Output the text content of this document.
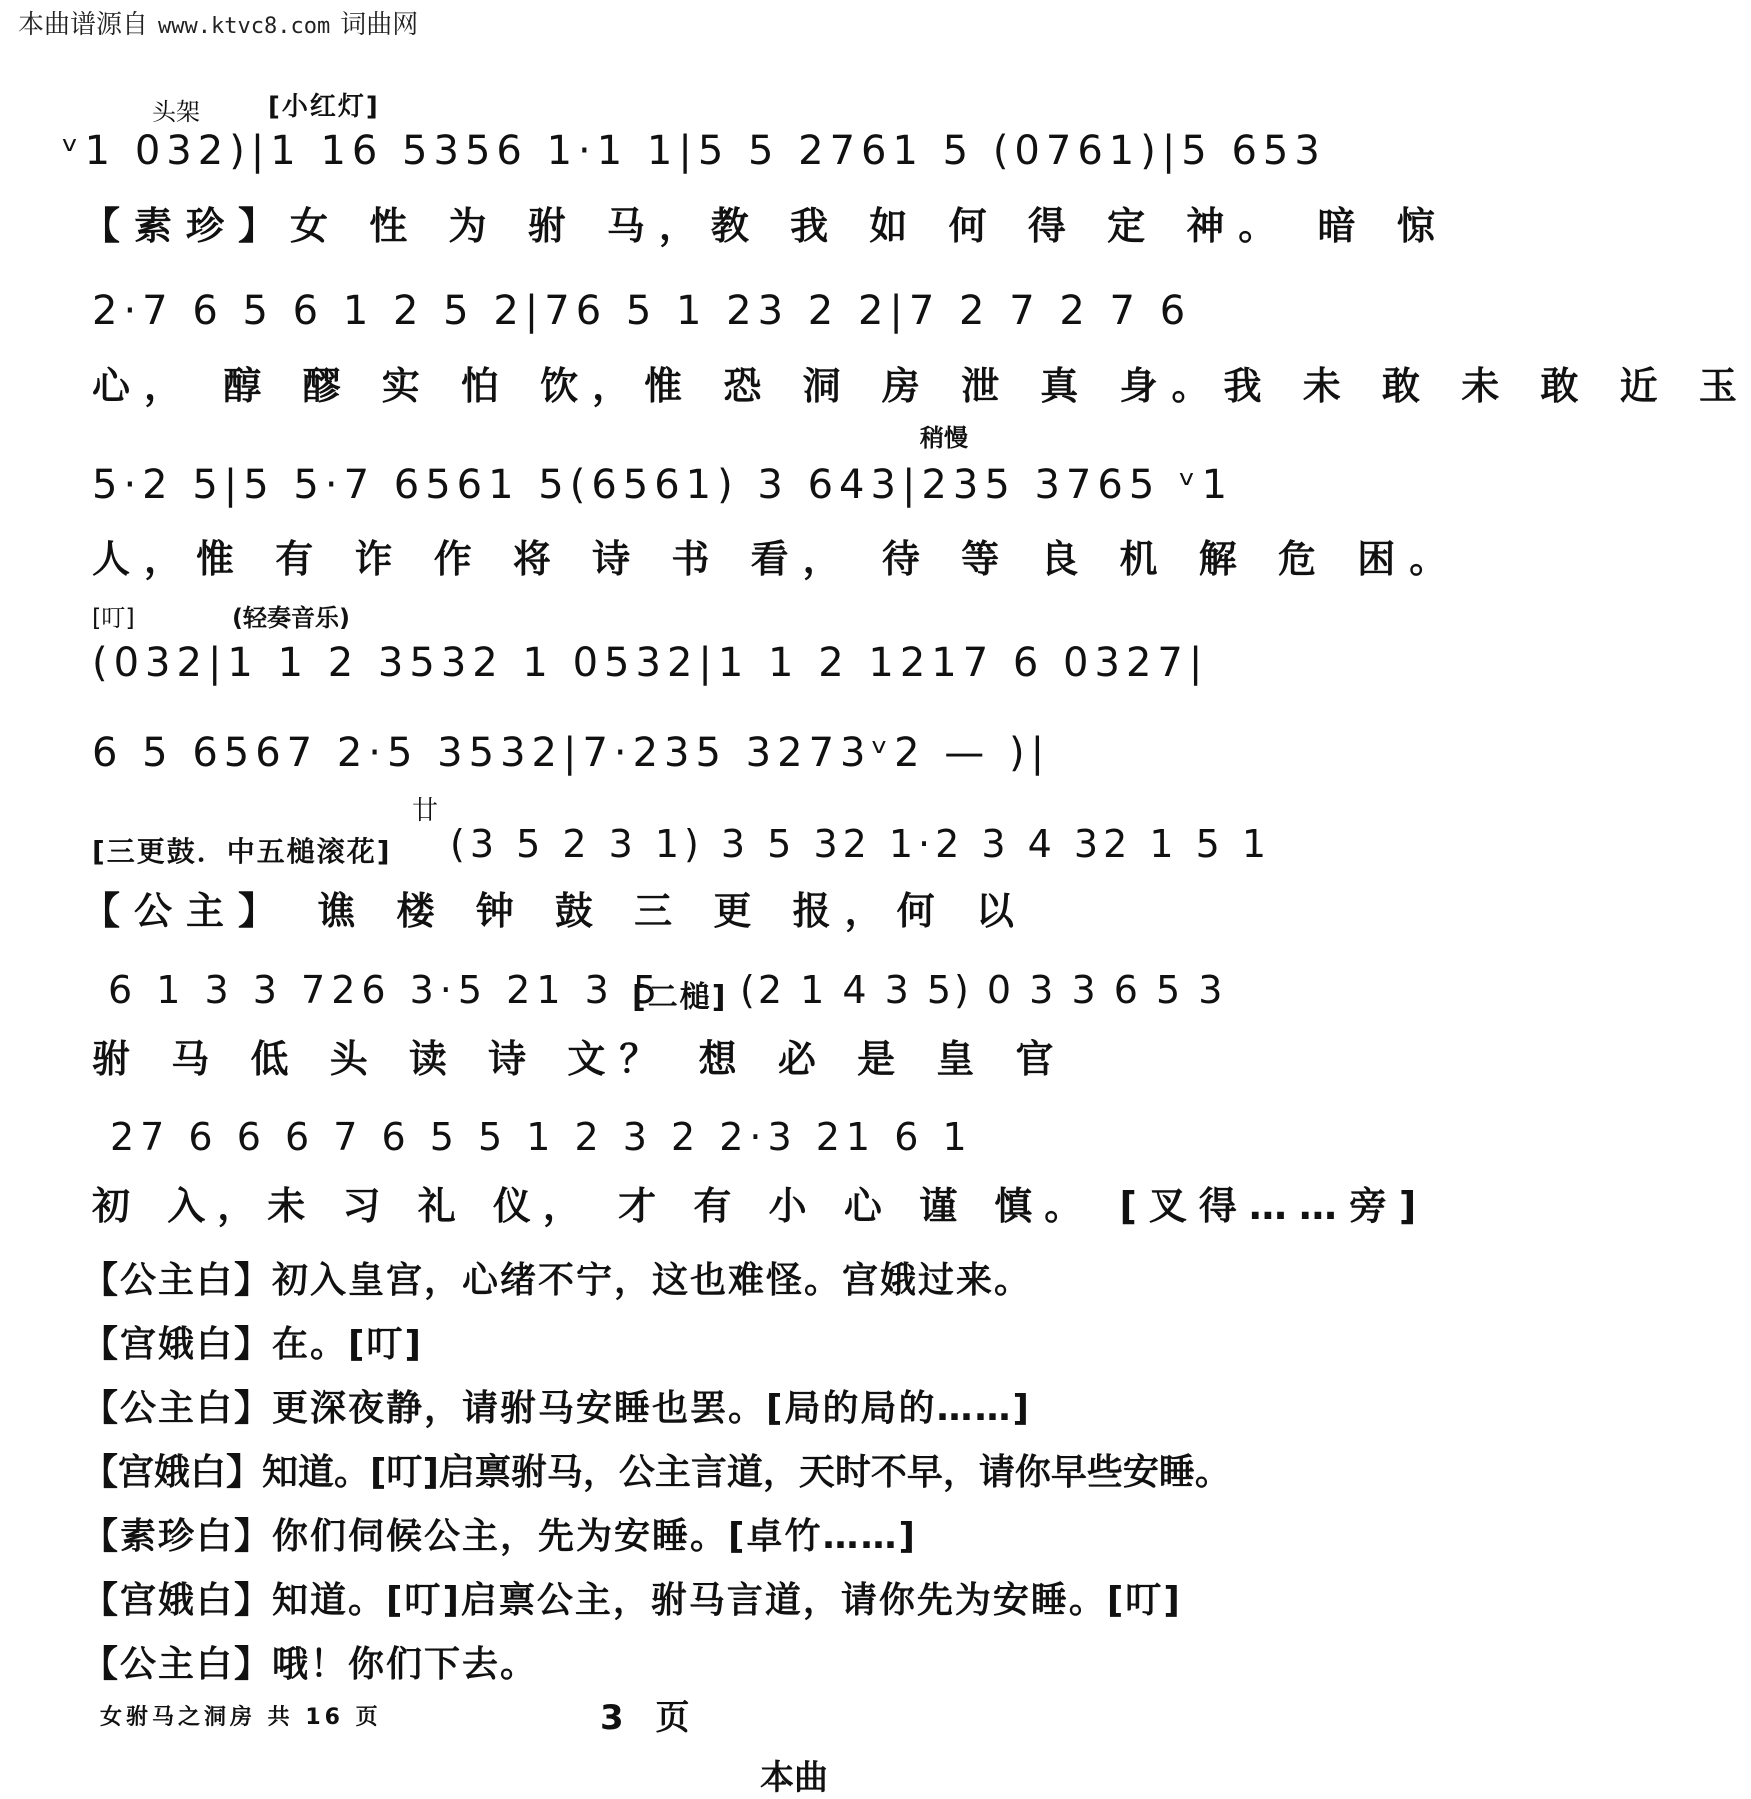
本曲谱源自 www.ktvc8.com 词曲网
头架	[小红灯]
ᵛ1 032)|1 16 5356 1·1 1|5 5 2761 5 (0761)|5 653
【素珍】女 性 为 驸 马，教 我 如 何 得 定 神。 暗 惊
2·7 6 5 6 1 2 5 2|76 5 1 23 2 2|7 2 7 2 7 6
心， 醇 醪 实 怕 饮，惟 恐 洞 房 泄 真 身。我 未 敢 未 敢 近 玉
稍慢
5·2 5|5 5·7 6561 5(6561) 3 643|235 3765 ᵛ1
人，惟 有 诈 作 将 诗 书 看， 待 等 良 机 解 危 困。
[叮]	(轻奏音乐)
(032|1 1 2 3532 1 0532|1 1 2 1217 6 0327|
6 5 6567 2·5 3532|7·235 3273ᵛ2 — )|
廿
[三更鼓．中五槌滚花] (3 5 2 3 1) 3 5 32 1·2 3 4 32 1 5 1
【公主】 谯 楼 钟 鼓 三 更 报，何 以
6 1 3 3 726 3·5 21 3 5
[二槌] (2 1 4 3 5) 0 3 3 6 5 3
驸 马 低 头 读 诗 文？ 想 必 是 皇 官
27 6 6 6 7 6 5 5 1 2 3 2 2·3 21 6 1
初 入，未 习 礼 仪， 才 有 小 心 谨 慎。 [叉得……旁]
【公主白】初入皇宫，心绪不宁，这也难怪。宫娥过来。
【宫娥白】在。[叮]
【公主白】更深夜静，请驸马安睡也罢。[局的局的……]
【宫娥白】知道。[叮]启禀驸马，公主言道，天时不早，请你早些安睡。
【素珍白】你们伺候公主，先为安睡。[卓竹……]
【宫娥白】知道。[叮]启禀公主，驸马言道，请你先为安睡。[叮]
【公主白】哦！你们下去。
女驸马之洞房 共 16 页	3 页
本曲
